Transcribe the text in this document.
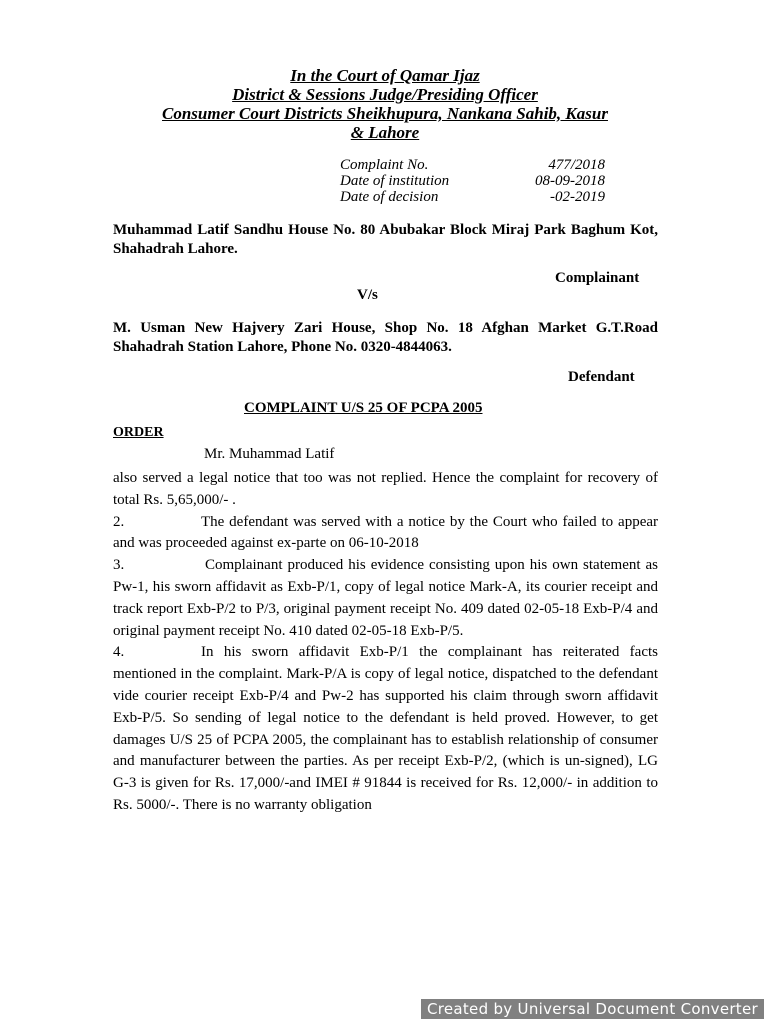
In the Court of Qamar Ijaz
District & Sessions Judge/Presiding Officer
Consumer Court Districts Sheikhupura, Nankana Sahib, Kasur
& Lahore
Complaint No.	477/2018
Date of institution	08-09-2018
Date of decision	-02-2019
Muhammad Latif Sandhu House No. 80 Abubakar Block Miraj Park Baghum Kot, Shahadrah Lahore.
Complainant
V/s
M. Usman New Hajvery Zari House, Shop No. 18 Afghan Market G.T.Road Shahadrah Station Lahore, Phone No. 0320-4844063.
Defendant
COMPLAINT U/S 25 OF PCPA 2005
ORDER
Mr. Muhammad Latif

also served a legal notice that too was not replied. Hence the complaint for recovery of total Rs. 5,65,000/- .

2.	The defendant was served with a notice by the Court who failed to appear and was proceeded against ex-parte on 06-10-2018

3.	Complainant produced his evidence consisting upon his own statement as Pw-1, his sworn affidavit as Exb-P/1, copy of legal notice Mark-A, its courier receipt and track report Exb-P/2 to P/3, original payment receipt No. 409 dated 02-05-18 Exb-P/4 and original payment receipt No. 410 dated 02-05-18 Exb-P/5.

4.	In his sworn affidavit Exb-P/1 the complainant has reiterated facts mentioned in the complaint. Mark-P/A is copy of legal notice, dispatched to the defendant vide courier receipt Exb-P/4 and Pw-2 has supported his claim through sworn affidavit Exb-P/5. So sending of legal notice to the defendant is held proved. However, to get damages U/S 25 of PCPA 2005, the complainant has to establish relationship of consumer and manufacturer between the parties. As per receipt Exb-P/2, (which is un-signed), LG G-3 is given for Rs. 17,000/-and IMEI # 91844 is received for Rs. 12,000/- in addition to Rs. 5000/-. There is no warranty obligation

Created by Universal Document Converter
